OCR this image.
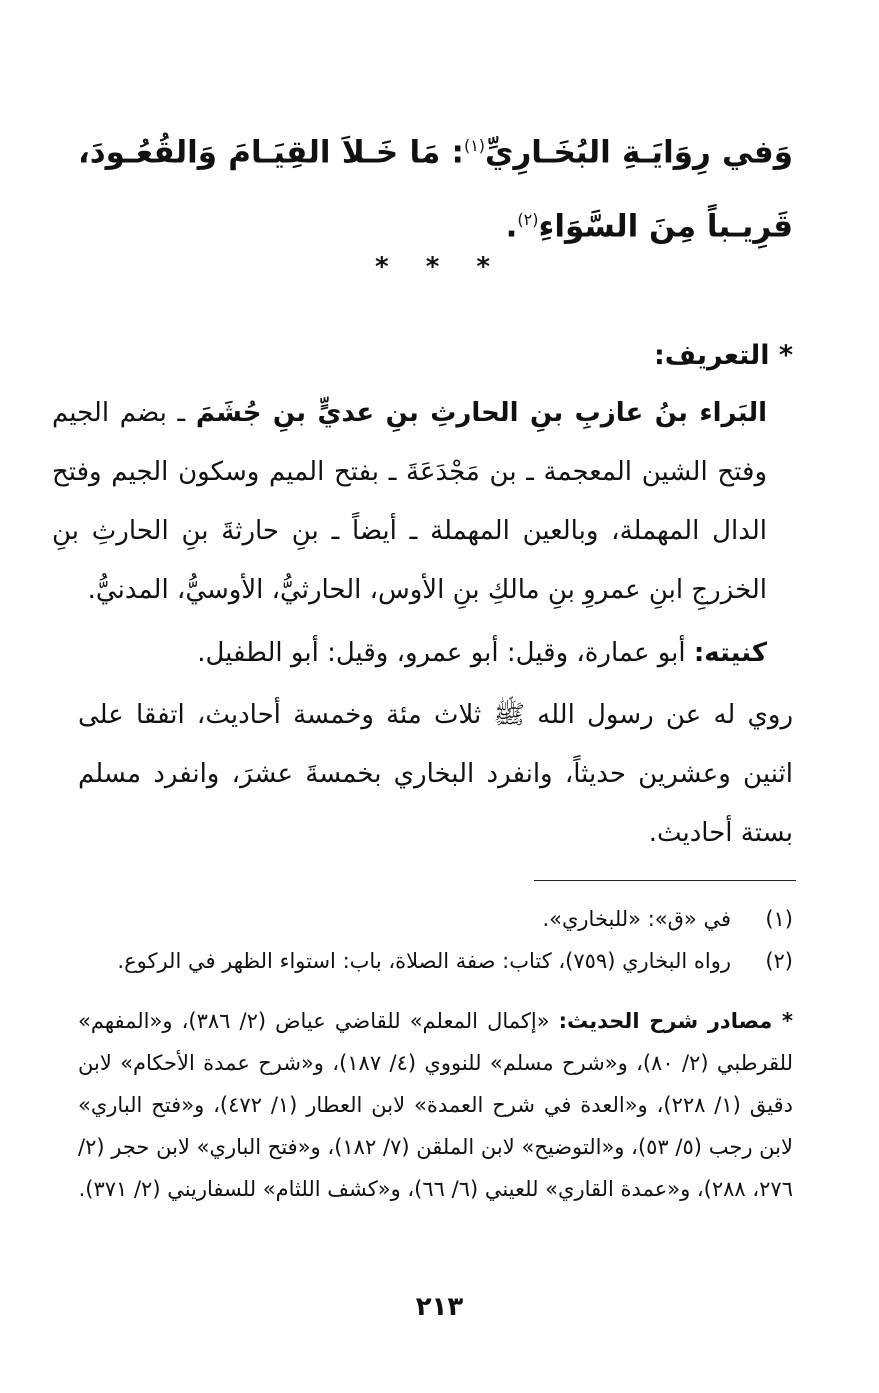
وَفي رِوَايَـةِ البُخَـارِيِّ$^{(١)}$: مَا خَـلاَ القِيَـامَ وَالقُعُـودَ، قَرِيـباً مِنَ السَّوَاءِ$^{(٢)}$.
* * *
* التعريف:
البَراء بنُ عازبِ بنِ الحارثِ بنِ عديٍّ بنِ جُشَمَ ـ بضم الجيم وفتح الشين المعجمة ـ بن مَجْدَعَةَ ـ بفتح الميم وسكون الجيم وفتح الدال المهملة، وبالعين المهملة ـ أيضاً ـ بنِ حارثةَ بنِ الحارثِ بنِ الخزرجِ ابنِ عمروِ بنِ مالكِ بنِ الأوس، الحارثيُّ، الأوسيُّ، المدنيُّ.
كنيته: أبو عمارة، وقيل: أبو عمرو، وقيل: أبو الطفيل.
روي له عن رسول الله ﷺ ثلاث مئة وخمسة أحاديث، اتفقا على اثنين وعشرين حديثاً، وانفرد البخاري بخمسةَ عشرَ، وانفرد مسلم بستة أحاديث.
(١)
في «ق»: «للبخاري».
(٢)
رواه البخاري (٧٥٩)، كتاب: صفة الصلاة، باب: استواء الظهر في الركوع.
* مصادر شرح الحديث: «إكمال المعلم» للقاضي عياض (٢/ ٣٨٦)، و«المفهم» للقرطبي (٢/ ٨٠)، و«شرح مسلم» للنووي (٤/ ١٨٧)، و«شرح عمدة الأحكام» لابن دقيق (١/ ٢٢٨)، و«العدة في شرح العمدة» لابن العطار (١/ ٤٧٢)، و«فتح الباري» لابن رجب (٥/ ٥٣)، و«التوضيح» لابن الملقن (٧/ ١٨٢)، و«فتح الباري» لابن حجر (٢/ ٢٧٦، ٢٨٨)، و«عمدة القاري» للعيني (٦/ ٦٦)، و«كشف اللثام» للسفاريني (٢/ ٣٧١).
٢١٣
